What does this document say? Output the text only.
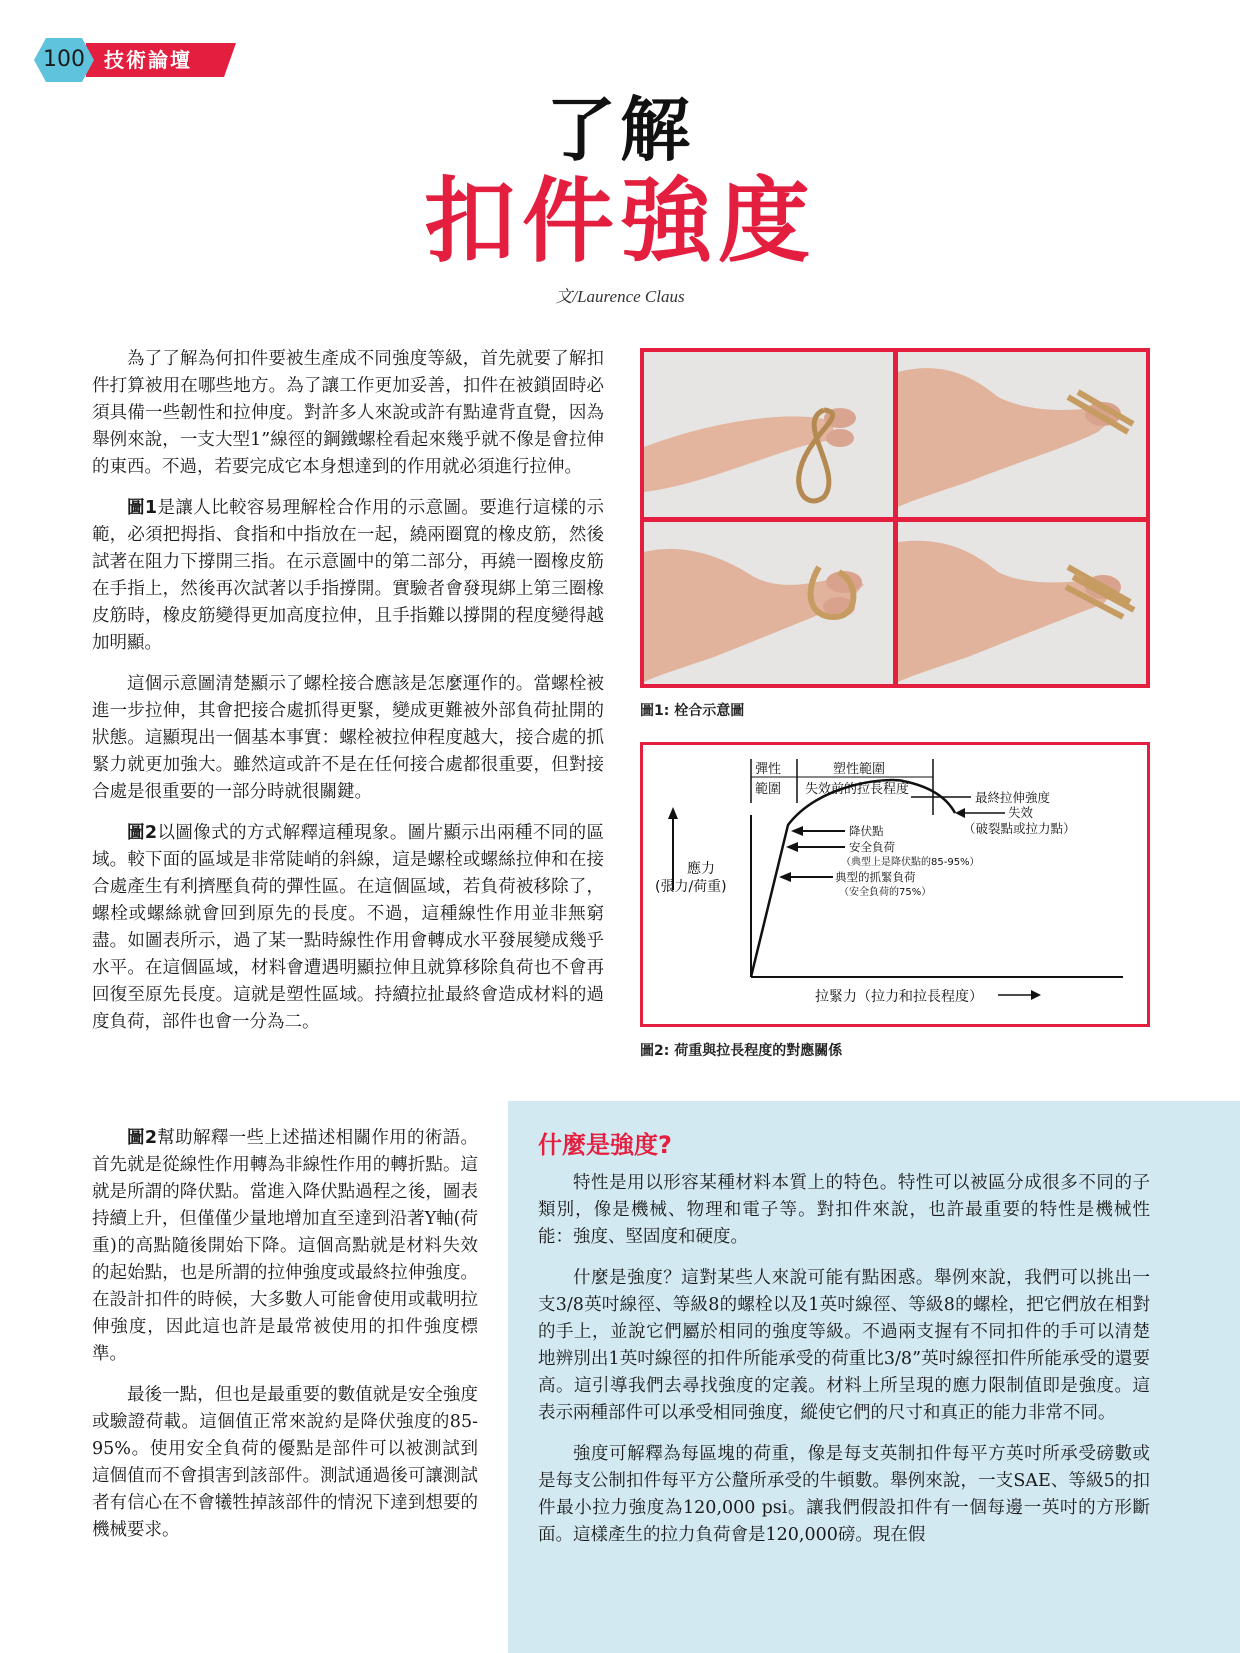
100 技術論壇
了解
扣件強度
文/Laurence Claus

為了了解為何扣件要被生產成不同強度等級，首先就要了解扣件打算被用在哪些地方。為了讓工作更加妥善，扣件在被鎖固時必須具備一些韌性和拉伸度。對許多人來說或許有點違背直覺，因為舉例來說，一支大型1”線徑的鋼鐵螺栓看起來幾乎就不像是會拉伸的東西。不過，若要完成它本身想達到的作用就必須進行拉伸。

圖1是讓人比較容易理解栓合作用的示意圖。要進行這樣的示範，必須把拇指、食指和中指放在一起，繞兩圈寬的橡皮筋，然後試著在阻力下撐開三指。在示意圖中的第二部分，再繞一圈橡皮筋在手指上，然後再次試著以手指撐開。實驗者會發現綁上第三圈橡皮筋時，橡皮筋變得更加高度拉伸，且手指難以撐開的程度變得越加明顯。

這個示意圖清楚顯示了螺栓接合應該是怎麼運作的。當螺栓被進一步拉伸，其會把接合處抓得更緊，變成更難被外部負荷扯開的狀態。這顯現出一個基本事實：螺栓被拉伸程度越大，接合處的抓緊力就更加強大。雖然這或許不是在任何接合處都很重要，但對接合處是很重要的一部分時就很關鍵。

圖2以圖像式的方式解釋這種現象。圖片顯示出兩種不同的區域。較下面的區域是非常陡峭的斜線，這是螺栓或螺絲拉伸和在接合處產生有利擠壓負荷的彈性區。在這個區域，若負荷被移除了，螺栓或螺絲就會回到原先的長度。不過，這種線性作用並非無窮盡。如圖表所示，過了某一點時線性作用會轉成水平發展變成幾乎水平。在這個區域，材料會遭遇明顯拉伸且就算移除負荷也不會再回復至原先長度。這就是塑性區域。持續拉扯最終會造成材料的過度負荷，部件也會一分為二。

圖2幫助解釋一些上述描述相關作用的術語。首先就是從線性作用轉為非線性作用的轉折點。這就是所謂的降伏點。當進入降伏點過程之後，圖表持續上升，但僅僅少量地增加直至達到沿著Y軸(荷重)的高點隨後開始下降。這個高點就是材料失效的起始點，也是所謂的拉伸強度或最終拉伸強度。在設計扣件的時候，大多數人可能會使用或載明拉伸強度，因此這也許是最常被使用的扣件強度標準。

最後一點，但也是最重要的數值就是安全強度或驗證荷載。這個值正常來說約是降伏強度的85-95%。使用安全負荷的優點是部件可以被測試到這個值而不會損害到該部件。測試通過後可讓測試者有信心在不會犧牲掉該部件的情況下達到想要的機械要求。

圖1: 栓合示意圖
彈性
範圍
塑性範圍
失效前的拉長程度
最終拉伸強度
失效
（破裂點或拉力點）
降伏點
安全負荷
（典型上是降伏點的85-95%）
典型的抓緊負荷
（安全負荷的75%）
應力
(張力/荷重)
拉緊力（拉力和拉長程度）
圖2: 荷重與拉長程度的對應關係
什麼是強度?

特性是用以形容某種材料本質上的特色。特性可以被區分成很多不同的子類別，像是機械、物理和電子等。對扣件來說，也許最重要的特性是機械性能：強度、堅固度和硬度。

什麼是強度？這對某些人來說可能有點困惑。舉例來說，我們可以挑出一支3/8英吋線徑、等級8的螺栓以及1英吋線徑、等級8的螺栓，把它們放在相對的手上，並說它們屬於相同的強度等級。不過兩支握有不同扣件的手可以清楚地辨別出1英吋線徑的扣件所能承受的荷重比3/8”英吋線徑扣件所能承受的還要高。這引導我們去尋找強度的定義。材料上所呈現的應力限制值即是強度。這表示兩種部件可以承受相同強度，縱使它們的尺寸和真正的能力非常不同。

強度可解釋為每區塊的荷重，像是每支英制扣件每平方英吋所承受磅數或是每支公制扣件每平方公釐所承受的牛頓數。舉例來說，一支SAE、等級5的扣件最小拉力強度為120,000 psi。讓我們假設扣件有一個每邊一英吋的方形斷面。這樣產生的拉力負荷會是120,000磅。現在假
